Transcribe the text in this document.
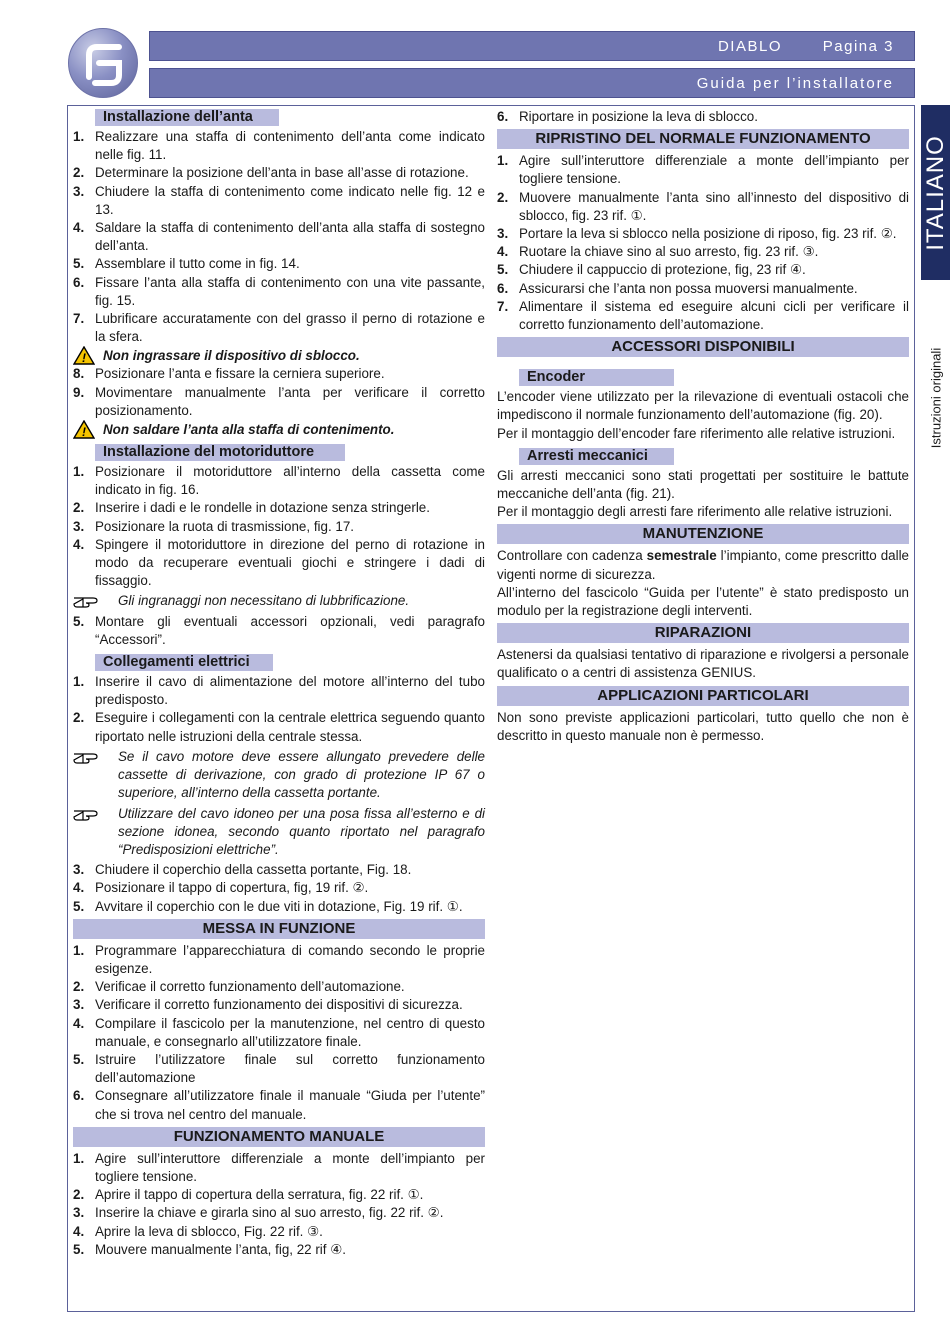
DIABLO	Pagina 3
Guida per l’installatore
ITALIANO
Istruzioni originali
Installazione dell’anta
1. Realizzare una staffa di contenimento dell’anta come indicato nelle fig. 11.
2. Determinare la posizione dell’anta in base all’asse di rotazione.
3. Chiudere la staffa di contenimento come indicato nelle fig. 12 e 13.
4. Saldare la staffa di contenimento dell’anta alla staffa di sostegno dell’anta.
5. Assemblare il tutto come in fig. 14.
6. Fissare l’anta alla staffa di contenimento con una vite passante, fig. 15.
7. Lubrificare accuratamente con del grasso il perno di rotazione e la sfera.
! Non ingrassare il dispositivo di sblocco.
8. Posizionare l’anta e fissare la cerniera superiore.
9. Movimentare manualmente l’anta per verificare il corretto posizionamento.
! Non saldare l’anta alla staffa di contenimento.
Installazione del motoriduttore
1. Posizionare il motoriduttore all’interno della cassetta come indicato in fig. 16.
2. Inserire i dadi e le rondelle in dotazione senza stringerle.
3. Posizionare la ruota di trasmissione, fig. 17.
4. Spingere il motoriduttore in direzione del perno di rotazione in modo da recuperare eventuali giochi e stringere i dadi di fissaggio.
Gli ingranaggi non necessitano di lubbrificazione.
5. Montare gli eventuali accessori opzionali, vedi paragrafo “Accessori”.
Collegamenti elettrici
1. Inserire il cavo di alimentazione del motore all’interno del tubo predisposto.
2. Eseguire i collegamenti con la centrale elettrica seguendo quanto riportato nelle istruzioni della centrale stessa.
Se il cavo motore deve essere allungato prevedere delle cassette di derivazione, con grado di protezione IP 67 o superiore, all’interno della cassetta portante.
Utilizzare del cavo idoneo per una posa fissa all’esterno e di sezione idonea, secondo quanto riportato nel paragrafo “Predisposizioni elettriche”.
3. Chiudere il coperchio della cassetta portante, Fig. 18.
4. Posizionare il tappo di copertura, fig, 19 rif. ②.
5. Avvitare il coperchio con le due viti in dotazione, Fig. 19 rif. ①.
MESSA IN FUNZIONE
1. Programmare l’apparecchiatura di comando secondo le proprie esigenze.
2. Verificae il corretto funzionamento dell’automazione.
3. Verificare il corretto funzionamento dei dispositivi di sicurezza.
4. Compilare il fascicolo per la manutenzione, nel centro di questo manuale, e consegnarlo all’utilizzatore finale.
5. Istruire l’utilizzatore finale sul corretto funzionamento dell’automazione
6. Consegnare all’utilizzatore finale il manuale “Giuda per l’utente” che si trova nel centro del manuale.
FUNZIONAMENTO MANUALE
1. Agire sull’interuttore differenziale a monte dell’impianto per togliere tensione.
2. Aprire il tappo di copertura della serratura, fig. 22 rif. ①.
3. Inserire la chiave e girarla sino al suo arresto, fig. 22 rif. ②.
4. Aprire la leva di sblocco, Fig. 22 rif. ③.
5. Mouvere manualmente l’anta, fig, 22 rif ④.
6. Riportare in posizione la leva di sblocco.
RIPRISTINO DEL NORMALE FUNZIONAMENTO
1. Agire sull’interuttore differenziale a monte dell’impianto per togliere tensione.
2. Muovere manualmente l’anta sino all’innesto del dispositivo di sblocco, fig. 23 rif. ①.
3. Portare la leva si sblocco nella posizione di riposo, fig. 23 rif. ②.
4. Ruotare la chiave sino al suo arresto, fig. 23 rif. ③.
5. Chiudere il cappuccio di protezione, fig, 23 rif ④.
6. Assicurarsi che l’anta non possa muoversi manualmente.
7. Alimentare il sistema ed eseguire alcuni cicli per verificare il corretto funzionamento dell’automazione.
ACCESSORI DISPONIBILI
Encoder
L’encoder viene utilizzato per la rilevazione di eventuali ostacoli che impediscono il normale funzionamento dell’automazione (fig. 20).
Per il montaggio dell’encoder fare riferimento alle relative istruzioni.
Arresti meccanici
Gli arresti meccanici sono stati progettati per sostituire le battute meccaniche dell’anta (fig. 21).
Per il montaggio degli arresti fare riferimento alle relative istruzioni.
MANUTENZIONE
Controllare con cadenza semestrale l’impianto, come prescritto dalle vigenti norme di sicurezza.
All’interno del fascicolo “Guida per l’utente” è stato predisposto un modulo per la registrazione degli interventi.
RIPARAZIONI
Astenersi da qualsiasi tentativo di riparazione e rivolgersi a personale qualificato o a centri di assistenza GENIUS.
APPLICAZIONI PARTICOLARI
Non sono previste applicazioni particolari, tutto quello che non è descritto in questo manuale non è permesso.
